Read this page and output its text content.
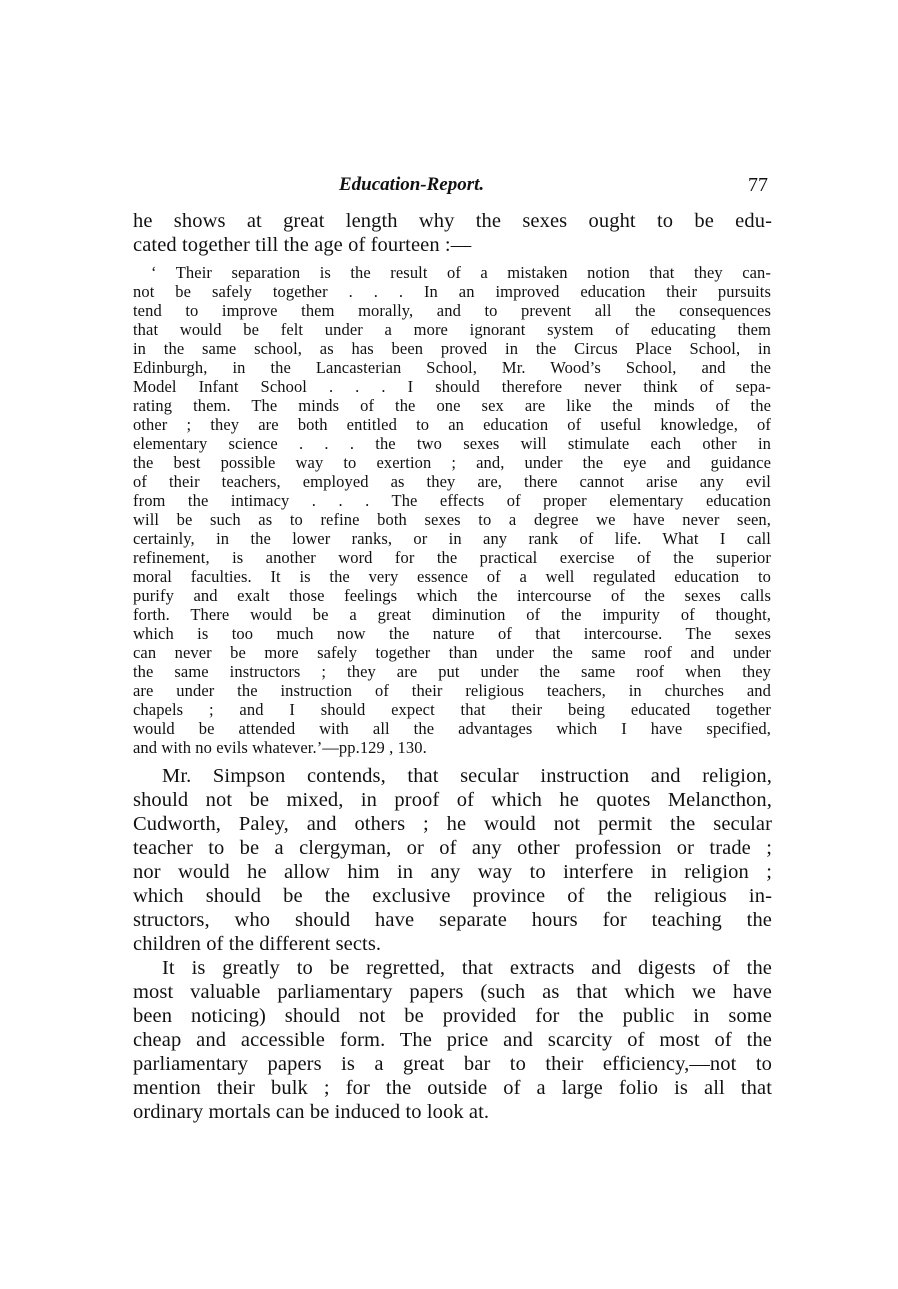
Education-Report.	77
he shows at great length why the sexes ought to be edu-
cated together till the age of fourteen :—
‘ Their separation is the result of a mistaken notion that they can-
not be safely together . . . In an improved education their pursuits
tend to improve them morally, and to prevent all the consequences
that would be felt under a more ignorant system of educating them
in the same school, as has been proved in the Circus Place School, in
Edinburgh, in the Lancasterian School, Mr. Wood’s School, and the
Model Infant School . . . I should therefore never think of sepa-
rating them. The minds of the one sex are like the minds of the
other ; they are both entitled to an education of useful knowledge, of
elementary science . . . the two sexes will stimulate each other in
the best possible way to exertion ; and, under the eye and guidance
of their teachers, employed as they are, there cannot arise any evil
from the intimacy . . . The effects of proper elementary education
will be such as to refine both sexes to a degree we have never seen,
certainly, in the lower ranks, or in any rank of life. What I call
refinement, is another word for the practical exercise of the superior
moral faculties. It is the very essence of a well regulated education to
purify and exalt those feelings which the intercourse of the sexes calls
forth. There would be a great diminution of the impurity of thought,
which is too much now the nature of that intercourse. The sexes
can never be more safely together than under the same roof and under
the same instructors ; they are put under the same roof when they
are under the instruction of their religious teachers, in churches and
chapels ; and I should expect that their being educated together
would be attended with all the advantages which I have specified,
and with no evils whatever.’—pp.129 , 130.
Mr. Simpson contends, that secular instruction and religion,
should not be mixed, in proof of which he quotes Melancthon,
Cudworth, Paley, and others ; he would not permit the secular
teacher to be a clergyman, or of any other profession or trade ;
nor would he allow him in any way to interfere in religion ;
which should be the exclusive province of the religious in-
structors, who should have separate hours for teaching the
children of the different sects.
It is greatly to be regretted, that extracts and digests of the
most valuable parliamentary papers (such as that which we have
been noticing) should not be provided for the public in some
cheap and accessible form. The price and scarcity of most of the
parliamentary papers is a great bar to their efficiency,—not to
mention their bulk ; for the outside of a large folio is all that
ordinary mortals can be induced to look at.
